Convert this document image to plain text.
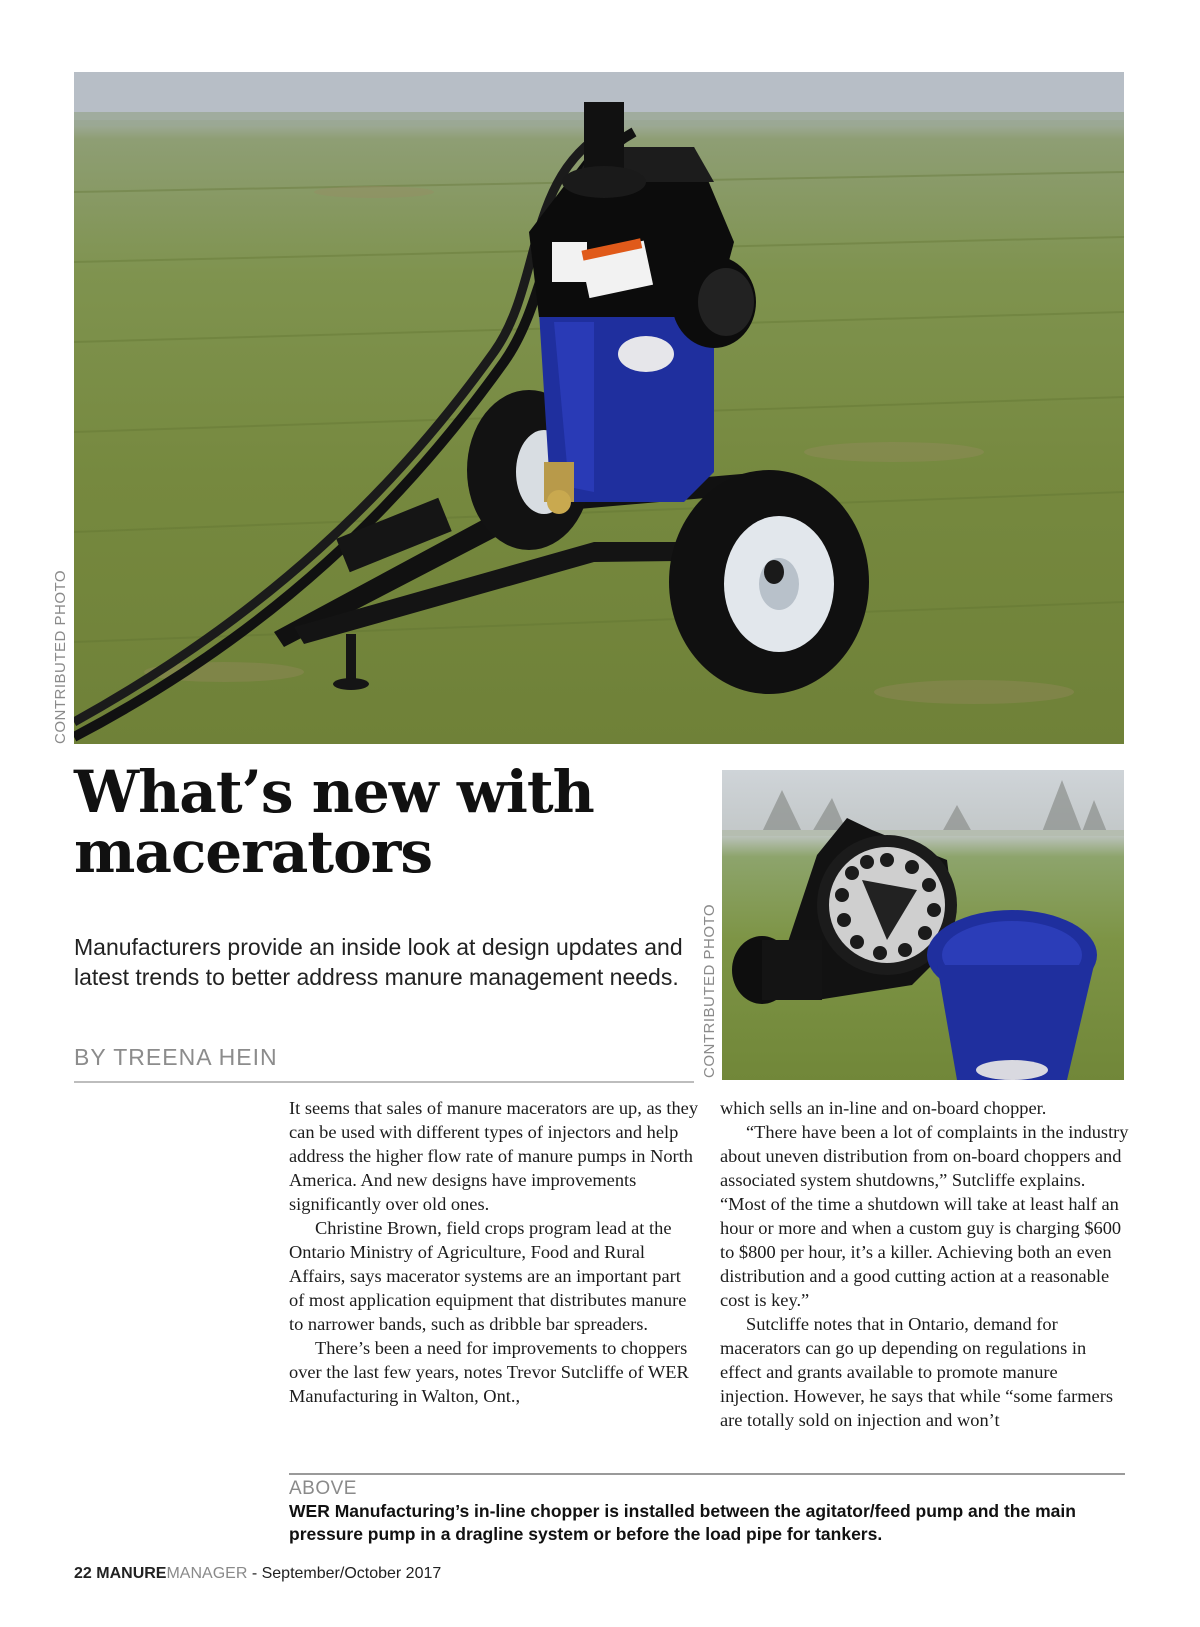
CONTRIBUTED PHOTO
What’s new with macerators

Manufacturers provide an inside look at design updates and latest trends to better address manure management needs.

BY TREENA HEIN	CONTRIBUTED PHOTO

It seems that sales of manure macerators are up, as they can be used with different types of injectors and help address the higher flow rate of manure pumps in North America. And new designs have improvements significantly over old ones.

Christine Brown, field crops program lead at the Ontario Ministry of Agriculture, Food and Rural Affairs, says macerator systems are an important part of most application equipment that distributes manure to narrower bands, such as dribble bar spreaders.

There’s been a need for improvements to choppers over the last few years, notes Trevor Sutcliffe of WER Manufacturing in Walton, Ont.,

which sells an in-line and on-board chopper.

“There have been a lot of complaints in the industry about uneven distribution from on-board choppers and associated system shutdowns,” Sutcliffe explains. “Most of the time a shutdown will take at least half an hour or more and when a custom guy is charging $600 to $800 per hour, it’s a killer. Achieving both an even distribution and a good cutting action at a reasonable cost is key.”

Sutcliffe notes that in Ontario, demand for macerators can go up depending on regulations in effect and grants available to promote manure injection. However, he says that while “some farmers are totally sold on injection and won’t

ABOVE

WER Manufacturing’s in-line chopper is installed between the agitator/feed pump and the main pressure pump in a dragline system or before the load pipe for tankers.

22 MANUREMANAGER - September/October 2017
